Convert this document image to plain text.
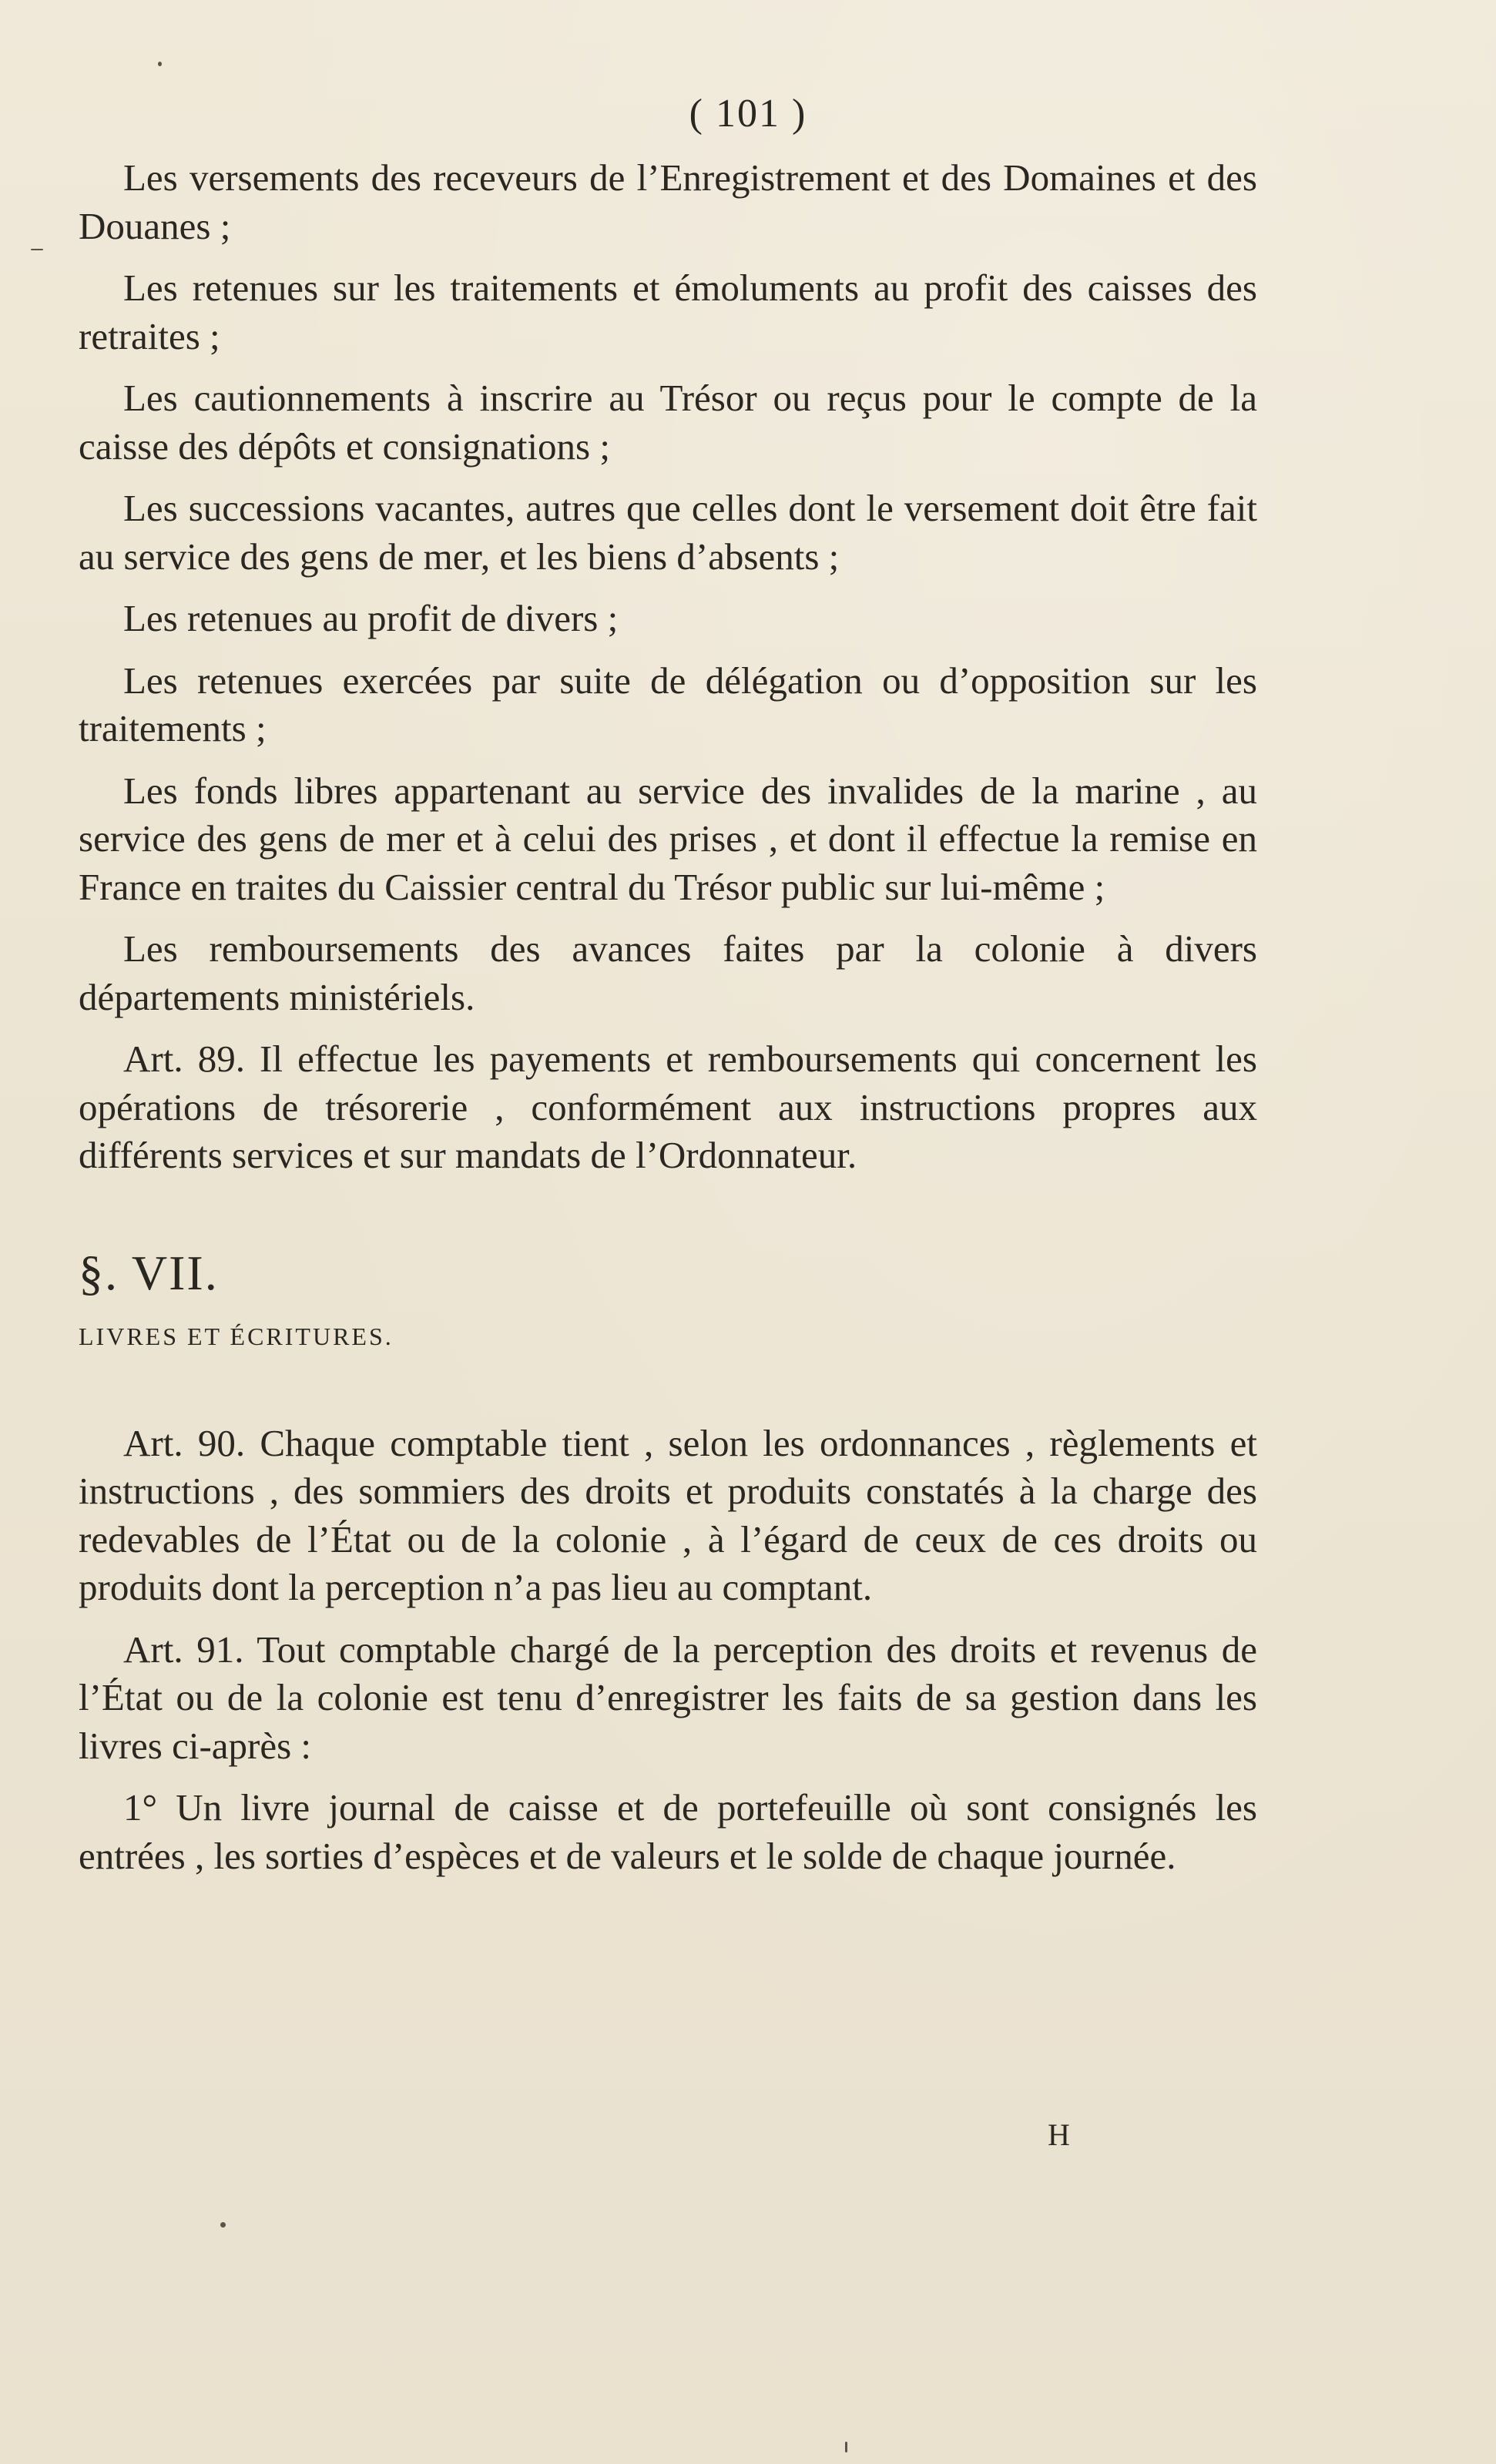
( 101 )

Les versements des receveurs de l’Enregistrement et des Domaines et des Douanes ;

Les retenues sur les traitements et émoluments au profit des caisses des retraites ;

Les cautionnements à inscrire au Trésor ou reçus pour le compte de la caisse des dépôts et consignations ;

Les successions vacantes, autres que celles dont le versement doit être fait au service des gens de mer, et les biens d’absents ;

Les retenues au profit de divers ;

Les retenues exercées par suite de délégation ou d’opposition sur les traitements ;

Les fonds libres appartenant au service des invalides de la marine , au service des gens de mer et à celui des prises , et dont il effectue la remise en France en traites du Caissier central du Trésor public sur lui-même ;

Les remboursements des avances faites par la colonie à divers départements ministériels.

Art. 89. Il effectue les payements et remboursements qui concernent les opérations de trésorerie , conformément aux instructions propres aux différents services et sur mandats de l’Ordonnateur.

§. VII.
LIVRES ET ÉCRITURES.

Art. 90. Chaque comptable tient , selon les ordonnances , règlements et instructions , des sommiers des droits et produits constatés à la charge des redevables de l’État ou de la colonie , à l’égard de ceux de ces droits ou produits dont la perception n’a pas lieu au comptant.

Art. 91. Tout comptable chargé de la perception des droits et revenus de l’État ou de la colonie est tenu d’enregistrer les faits de sa gestion dans les livres ci-après :

1° Un livre journal de caisse et de portefeuille où sont consignés les entrées , les sorties d’espèces et de valeurs et le solde de chaque journée.

H
